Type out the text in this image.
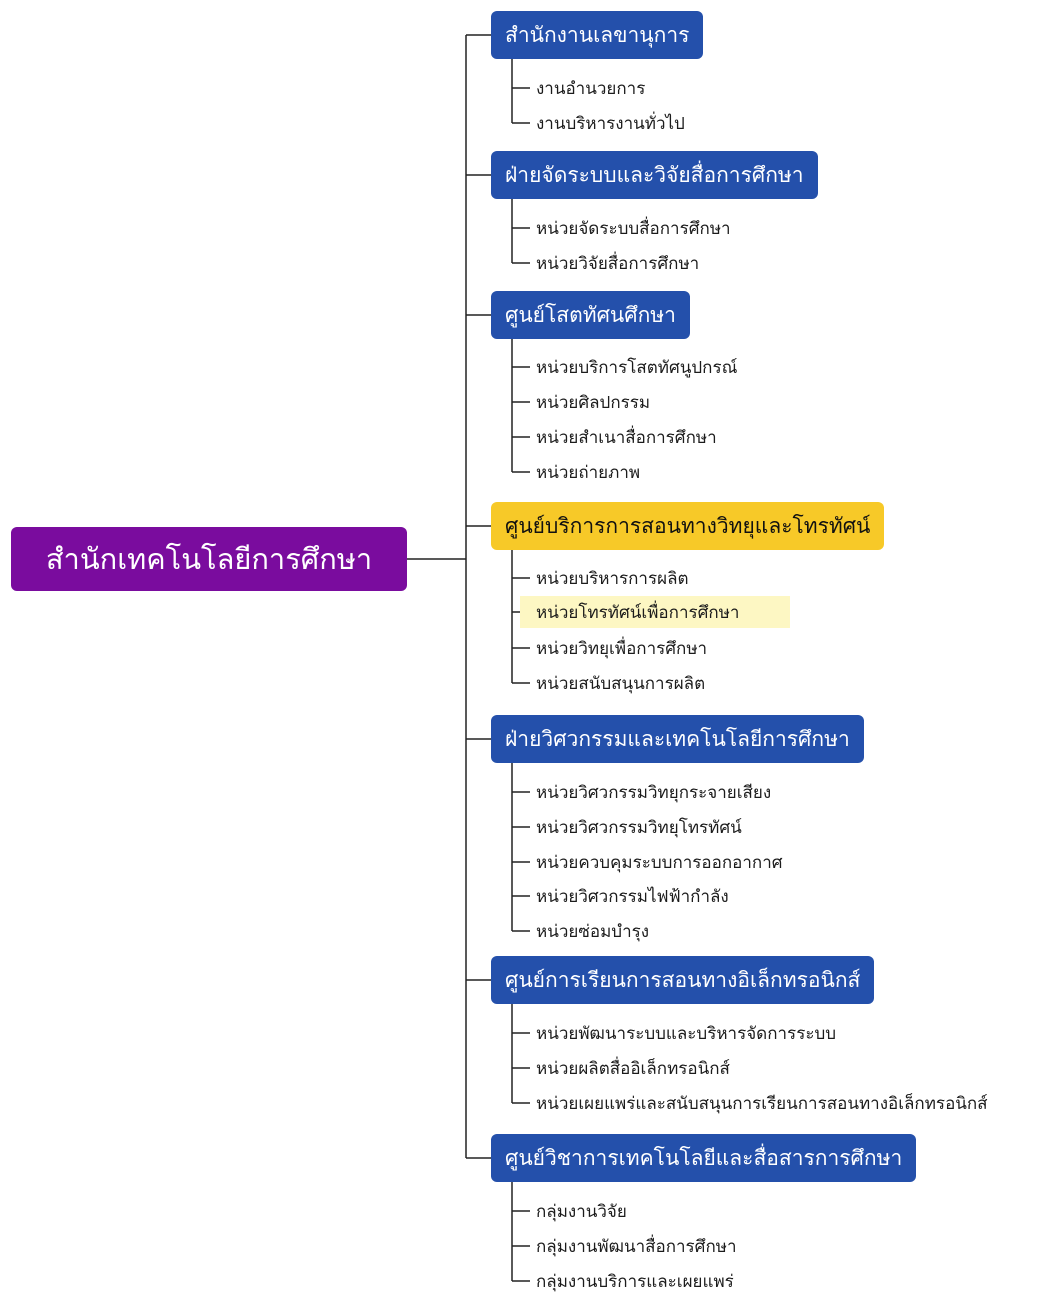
สำนักเทคโนโลยีการศึกษา
สำนักงานเลขานุการ
งานอำนวยการ
งานบริหารงานทั่วไป
ฝ่ายจัดระบบและวิจัยสื่อการศึกษา
หน่วยจัดระบบสื่อการศึกษา
หน่วยวิจัยสื่อการศึกษา
ศูนย์โสตทัศนศึกษา
หน่วยบริการโสตทัศนูปกรณ์
หน่วยศิลปกรรม
หน่วยสำเนาสื่อการศึกษา
หน่วยถ่ายภาพ
ศูนย์บริการการสอนทางวิทยุและโทรทัศน์
หน่วยบริหารการผลิต
หน่วยโทรทัศน์เพื่อการศึกษา
หน่วยวิทยุเพื่อการศึกษา
หน่วยสนับสนุนการผลิต
ฝ่ายวิศวกรรมและเทคโนโลยีการศึกษา
หน่วยวิศวกรรมวิทยุกระจายเสียง
หน่วยวิศวกรรมวิทยุโทรทัศน์
หน่วยควบคุมระบบการออกอากาศ
หน่วยวิศวกรรมไฟฟ้ากำลัง
หน่วยซ่อมบำรุง
ศูนย์การเรียนการสอนทางอิเล็กทรอนิกส์
หน่วยพัฒนาระบบและบริหารจัดการระบบ
หน่วยผลิตสื่ออิเล็กทรอนิกส์
หน่วยเผยแพร่และสนับสนุนการเรียนการสอนทางอิเล็กทรอนิกส์
ศูนย์วิชาการเทคโนโลยีและสื่อสารการศึกษา
กลุ่มงานวิจัย
กลุ่มงานพัฒนาสื่อการศึกษา
กลุ่มงานบริการและเผยแพร่
